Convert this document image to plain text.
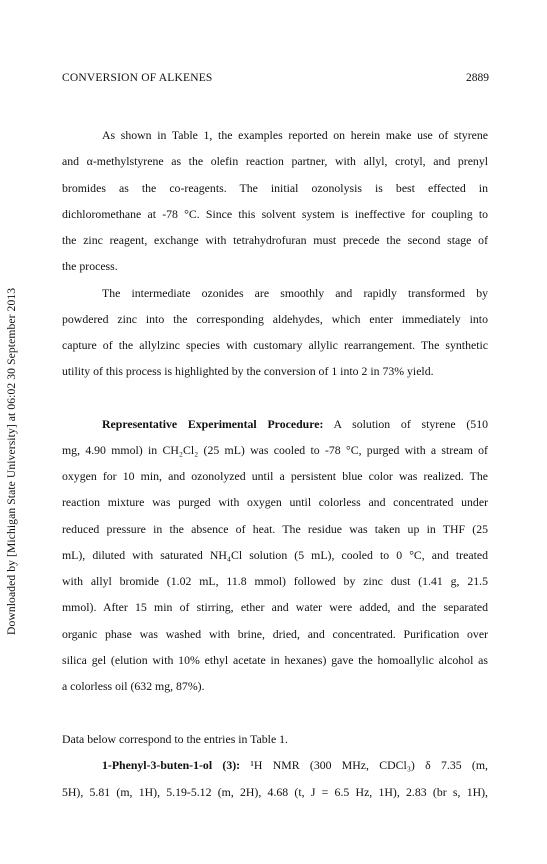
Downloaded by [Michigan State University] at 06:02 30 September 2013
CONVERSION OF ALKENES	2889
As shown in Table 1, the examples reported on herein make use of styrene
and α-methylstyrene as the olefin reaction partner, with allyl, crotyl, and prenyl
bromides as the co-reagents. The initial ozonolysis is best effected in
dichloromethane at -78 °C. Since this solvent system is ineffective for coupling to
the zinc reagent, exchange with tetrahydrofuran must precede the second stage of
the process.
The intermediate ozonides are smoothly and rapidly transformed by
powdered zinc into the corresponding aldehydes, which enter immediately into
capture of the allylzinc species with customary allylic rearrangement. The synthetic
utility of this process is highlighted by the conversion of 1 into 2 in 73% yield.
Representative Experimental Procedure: A solution of styrene (510
mg, 4.90 mmol) in CH₂Cl₂ (25 mL) was cooled to -78 °C, purged with a stream of
oxygen for 10 min, and ozonolyzed until a persistent blue color was realized. The
reaction mixture was purged with oxygen until colorless and concentrated under
reduced pressure in the absence of heat. The residue was taken up in THF (25
mL), diluted with saturated NH₄Cl solution (5 mL), cooled to 0 °C, and treated
with allyl bromide (1.02 mL, 11.8 mmol) followed by zinc dust (1.41 g, 21.5
mmol). After 15 min of stirring, ether and water were added, and the separated
organic phase was washed with brine, dried, and concentrated. Purification over
silica gel (elution with 10% ethyl acetate in hexanes) gave the homoallylic alcohol as
a colorless oil (632 mg, 87%).
Data below correspond to the entries in Table 1.
1-Phenyl-3-buten-1-ol (3): ¹H NMR (300 MHz, CDCl₃) δ 7.35 (m,
5H), 5.81 (m, 1H), 5.19-5.12 (m, 2H), 4.68 (t, J = 6.5 Hz, 1H), 2.83 (br s, 1H),
